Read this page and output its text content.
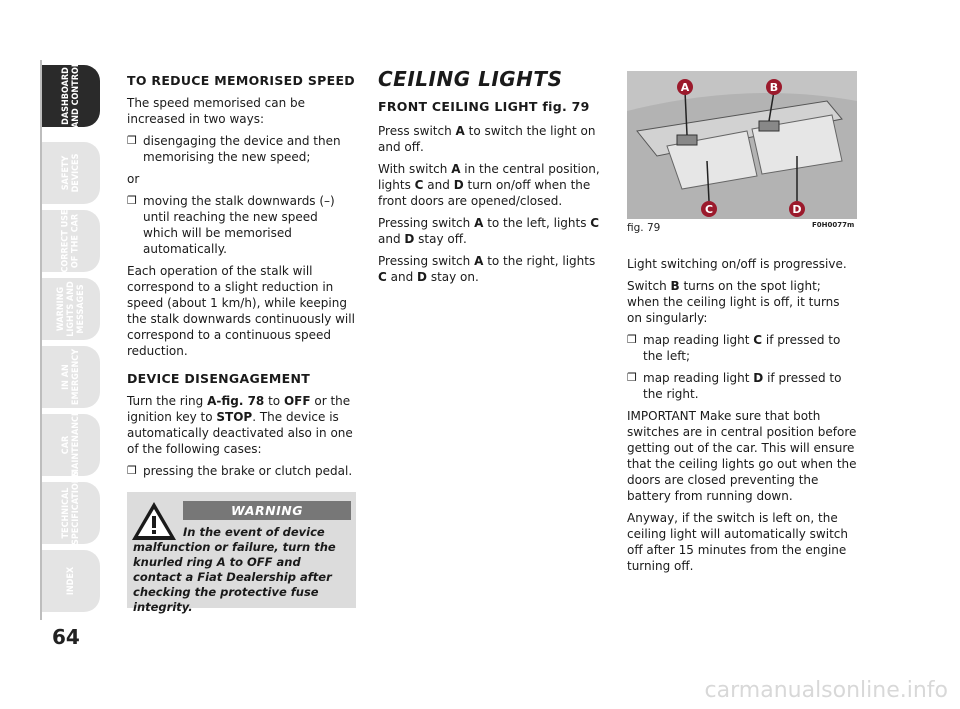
DASHBOARD
AND CONTROLS
SAFETY
DEVICES
CORRECT USE
OF THE CAR
WARNING
LIGHTS AND
MESSAGES
IN AN
EMERGENCY
CAR
MAINTENANCE
TECHNICAL
SPECIFICATIONS
INDEX
64
TO REDUCE MEMORISED SPEED

The speed memorised can be increased in two ways:

❒ disengaging the device and then memorising the new speed;

or

❒ moving the stalk downwards (–) until reaching the new speed which will be memorised automatically.

Each operation of the stalk will correspond to a slight reduction in speed (about 1 km/h), while keeping the stalk downwards continuously will correspond to a continuous speed reduction.

DEVICE DISENGAGEMENT

Turn the ring A-fig. 78 to OFF or the ignition key to STOP. The device is automatically deactivated also in one of the following cases:

❒ pressing the brake or clutch pedal.
WARNING
In the event of device malfunction or failure, turn the knurled ring A to OFF and contact a Fiat Dealership after checking the protective fuse integrity.
CEILING LIGHTS
FRONT CEILING LIGHT fig. 79

Press switch A to switch the light on and off.

With switch A in the central position, lights C and D turn on/off when the front doors are opened/closed.

Pressing switch A to the left, lights C and D stay off.

Pressing switch A to the right, lights C and D stay on.

A	B
C	D
fig. 79	F0H0077m

Light switching on/off is progressive.

Switch B turns on the spot light; when the ceiling light is off, it turns on singularly:

❒ map reading light C if pressed to the left;
❒ map reading light D if pressed to the right.

IMPORTANT Make sure that both switches are in central position before getting out of the car. This will ensure that the ceiling lights go out when the doors are closed preventing the battery from running down.

Anyway, if the switch is left on, the ceiling light will automatically switch off after 15 minutes from the engine turning off.

carmanualsonline.info
